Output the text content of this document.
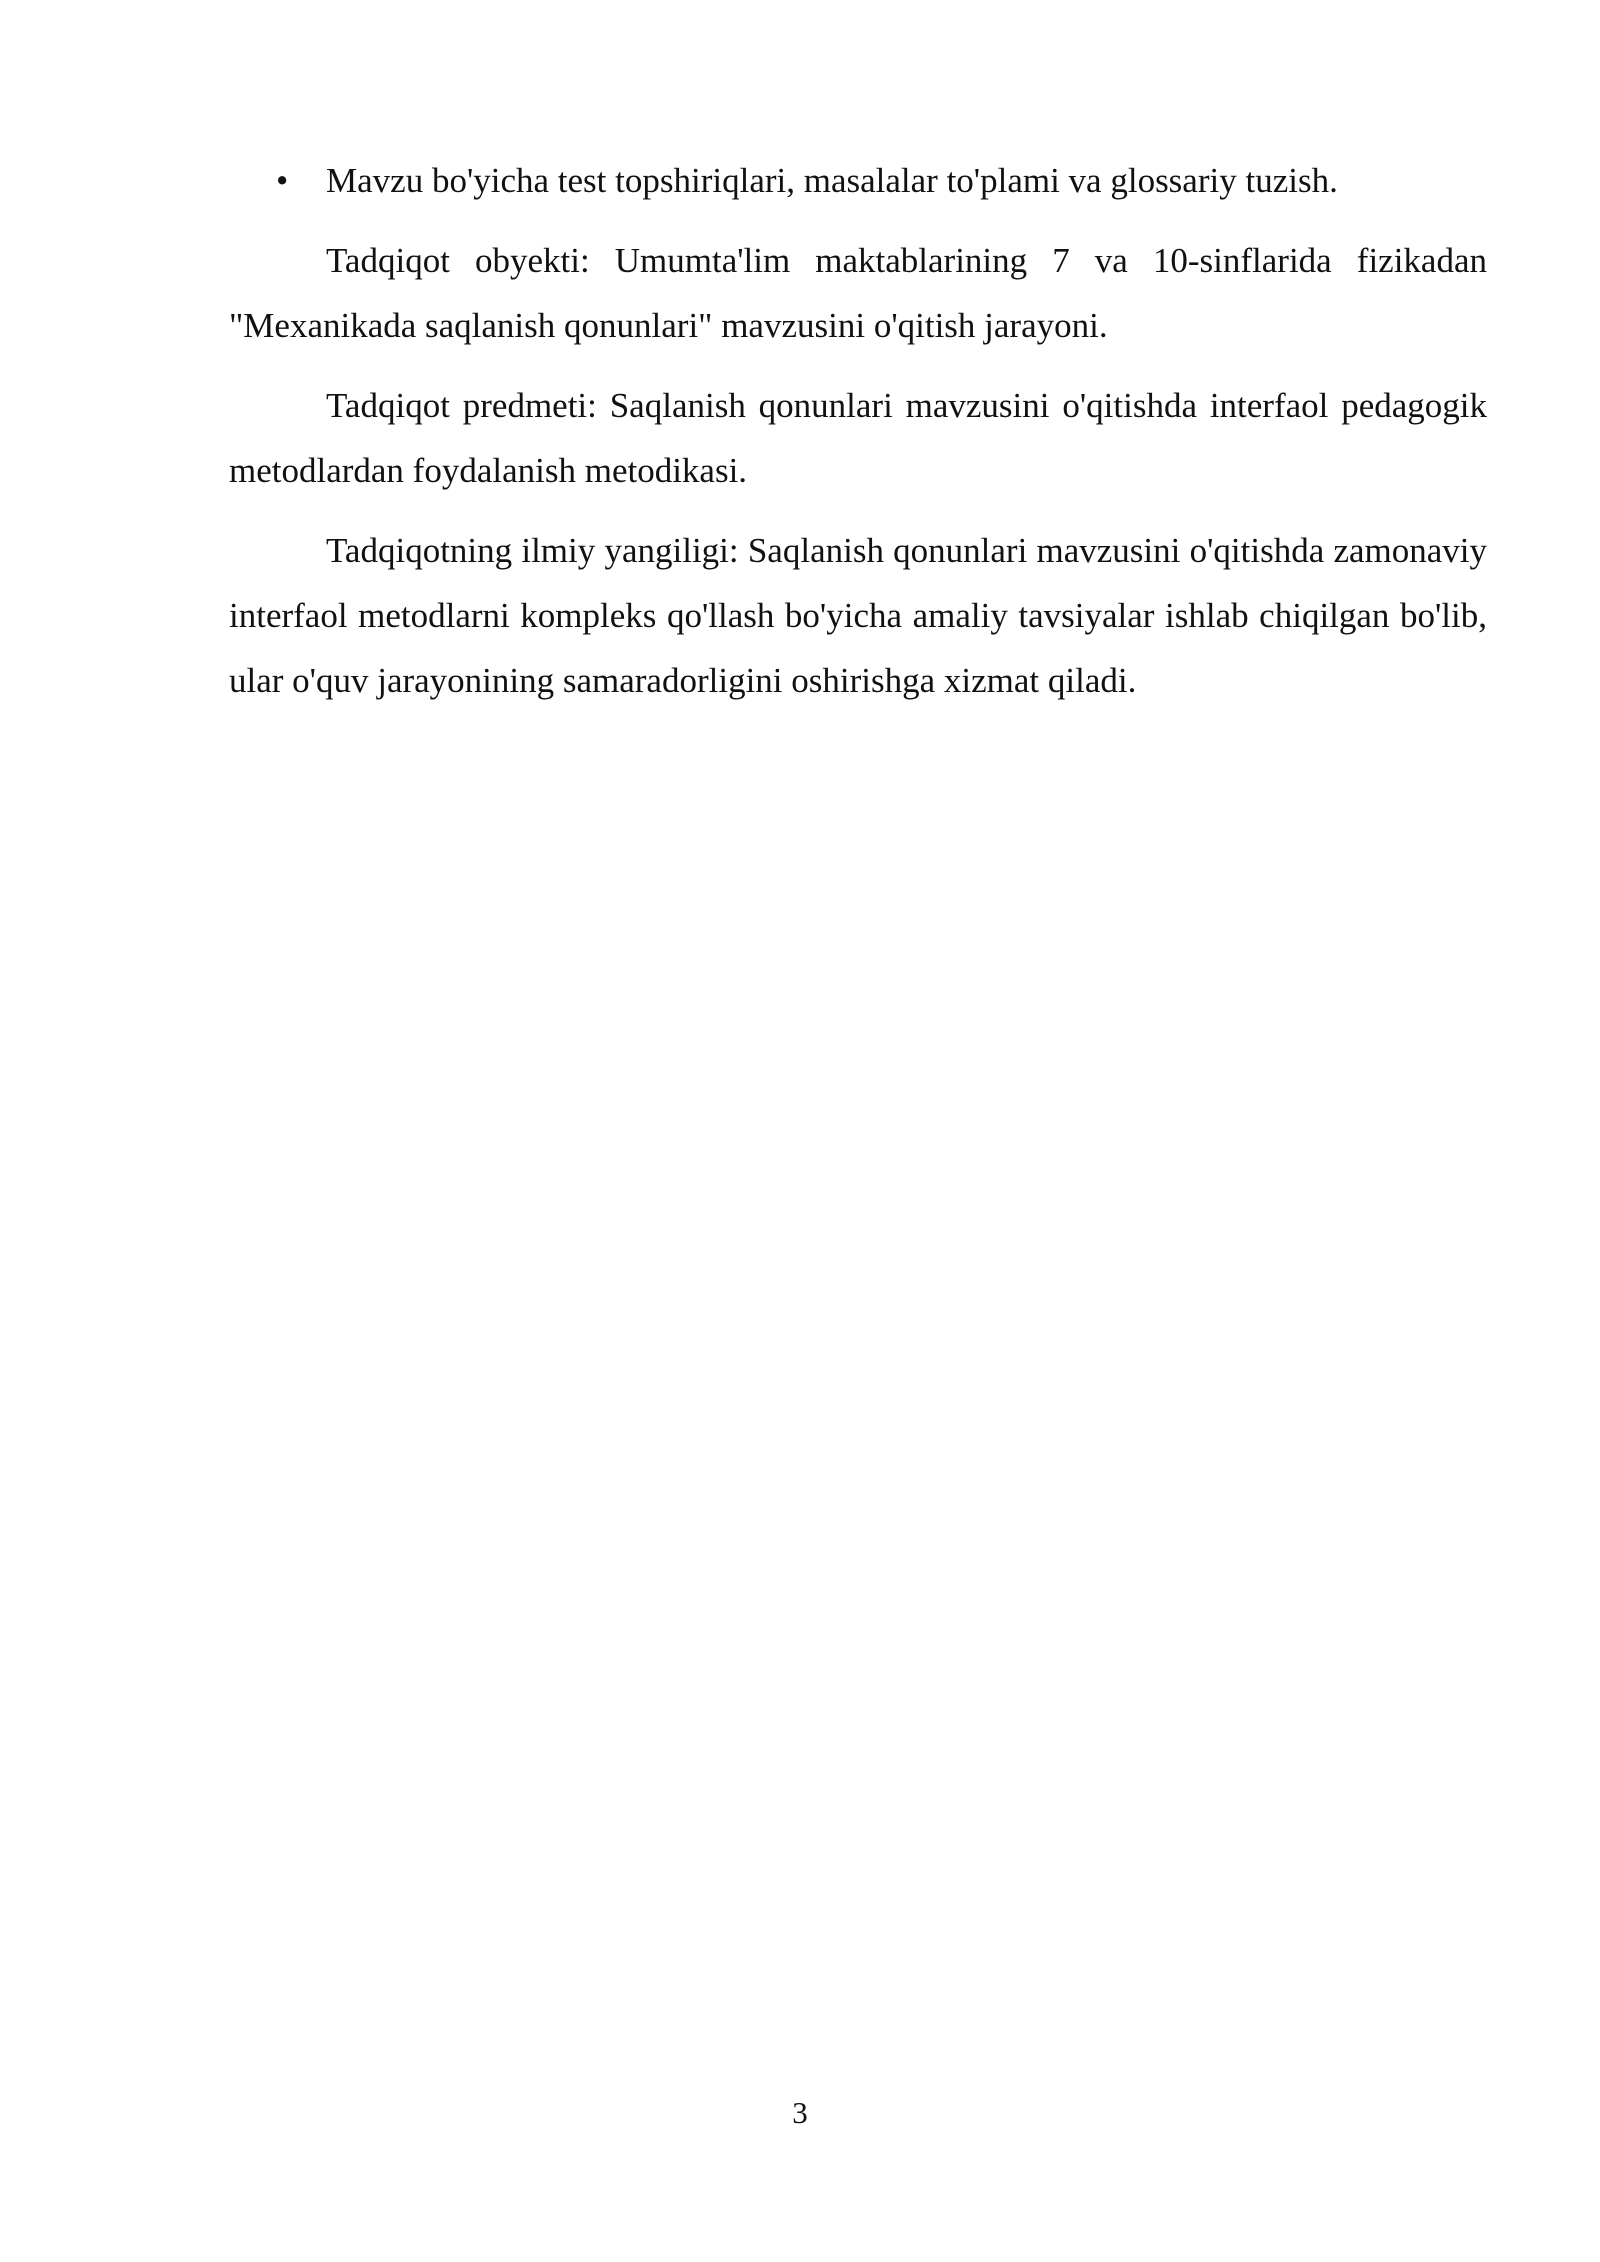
• Mavzu bo'yicha test topshiriqlari, masalalar to'plami va glossariy tuzish.

Tadqiqot obyekti: Umumta'lim maktablarining 7 va 10-sinflarida fizikadan "Mexanikada saqlanish qonunlari" mavzusini o'qitish jarayoni.

Tadqiqot predmeti: Saqlanish qonunlari mavzusini o'qitishda interfaol pedagogik metodlardan foydalanish metodikasi.

Tadqiqotning ilmiy yangiligi: Saqlanish qonunlari mavzusini o'qitishda zamonaviy interfaol metodlarni kompleks qo'llash bo'yicha amaliy tavsiyalar ishlab chiqilgan bo'lib, ular o'quv jarayonining samaradorligini oshirishga xizmat qiladi.

3
